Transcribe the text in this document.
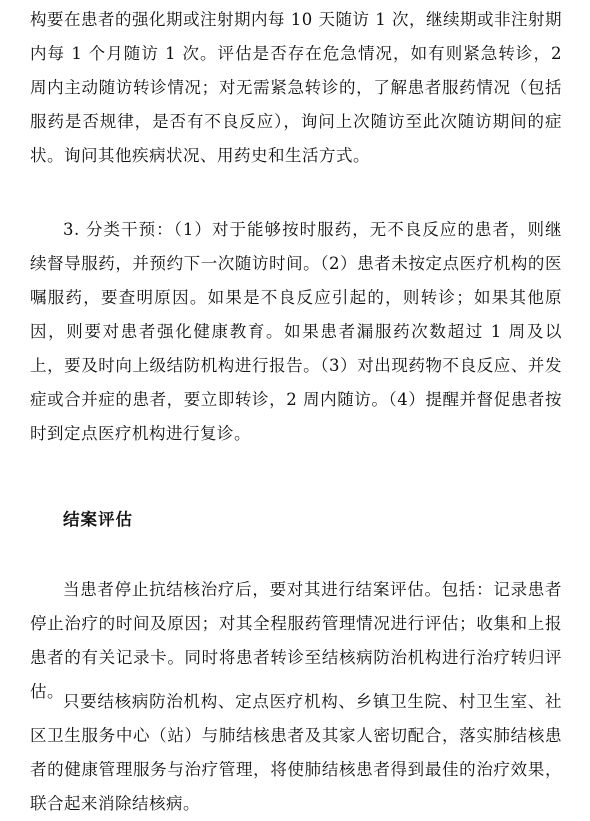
构要在患者的强化期或注射期内每 10 天随访 1 次，继续期或非注射期内每 1 个月随访 1 次。评估是否存在危急情况，如有则紧急转诊，2 周内主动随访转诊情况；对无需紧急转诊的，了解患者服药情况（包括服药是否规律，是否有不良反应），询问上次随访至此次随访期间的症状。询问其他疾病状况、用药史和生活方式。

3. 分类干预：（1）对于能够按时服药，无不良反应的患者，则继续督导服药，并预约下一次随访时间。（2）患者未按定点医疗机构的医嘱服药，要查明原因。如果是不良反应引起的，则转诊；如果其他原因，则要对患者强化健康教育。如果患者漏服药次数超过 1 周及以上，要及时向上级结防机构进行报告。（3）对出现药物不良反应、并发症或合并症的患者，要立即转诊，2 周内随访。（4）提醒并督促患者按时到定点医疗机构进行复诊。

结案评估

当患者停止抗结核治疗后，要对其进行结案评估。包括：记录患者停止治疗的时间及原因；对其全程服药管理情况进行评估；收集和上报患者的有关记录卡。同时将患者转诊至结核病防治机构进行治疗转归评估。

只要结核病防治机构、定点医疗机构、乡镇卫生院、村卫生室、社区卫生服务中心（站）与肺结核患者及其家人密切配合，落实肺结核患者的健康管理服务与治疗管理，将使肺结核患者得到最佳的治疗效果，联合起来消除结核病。
